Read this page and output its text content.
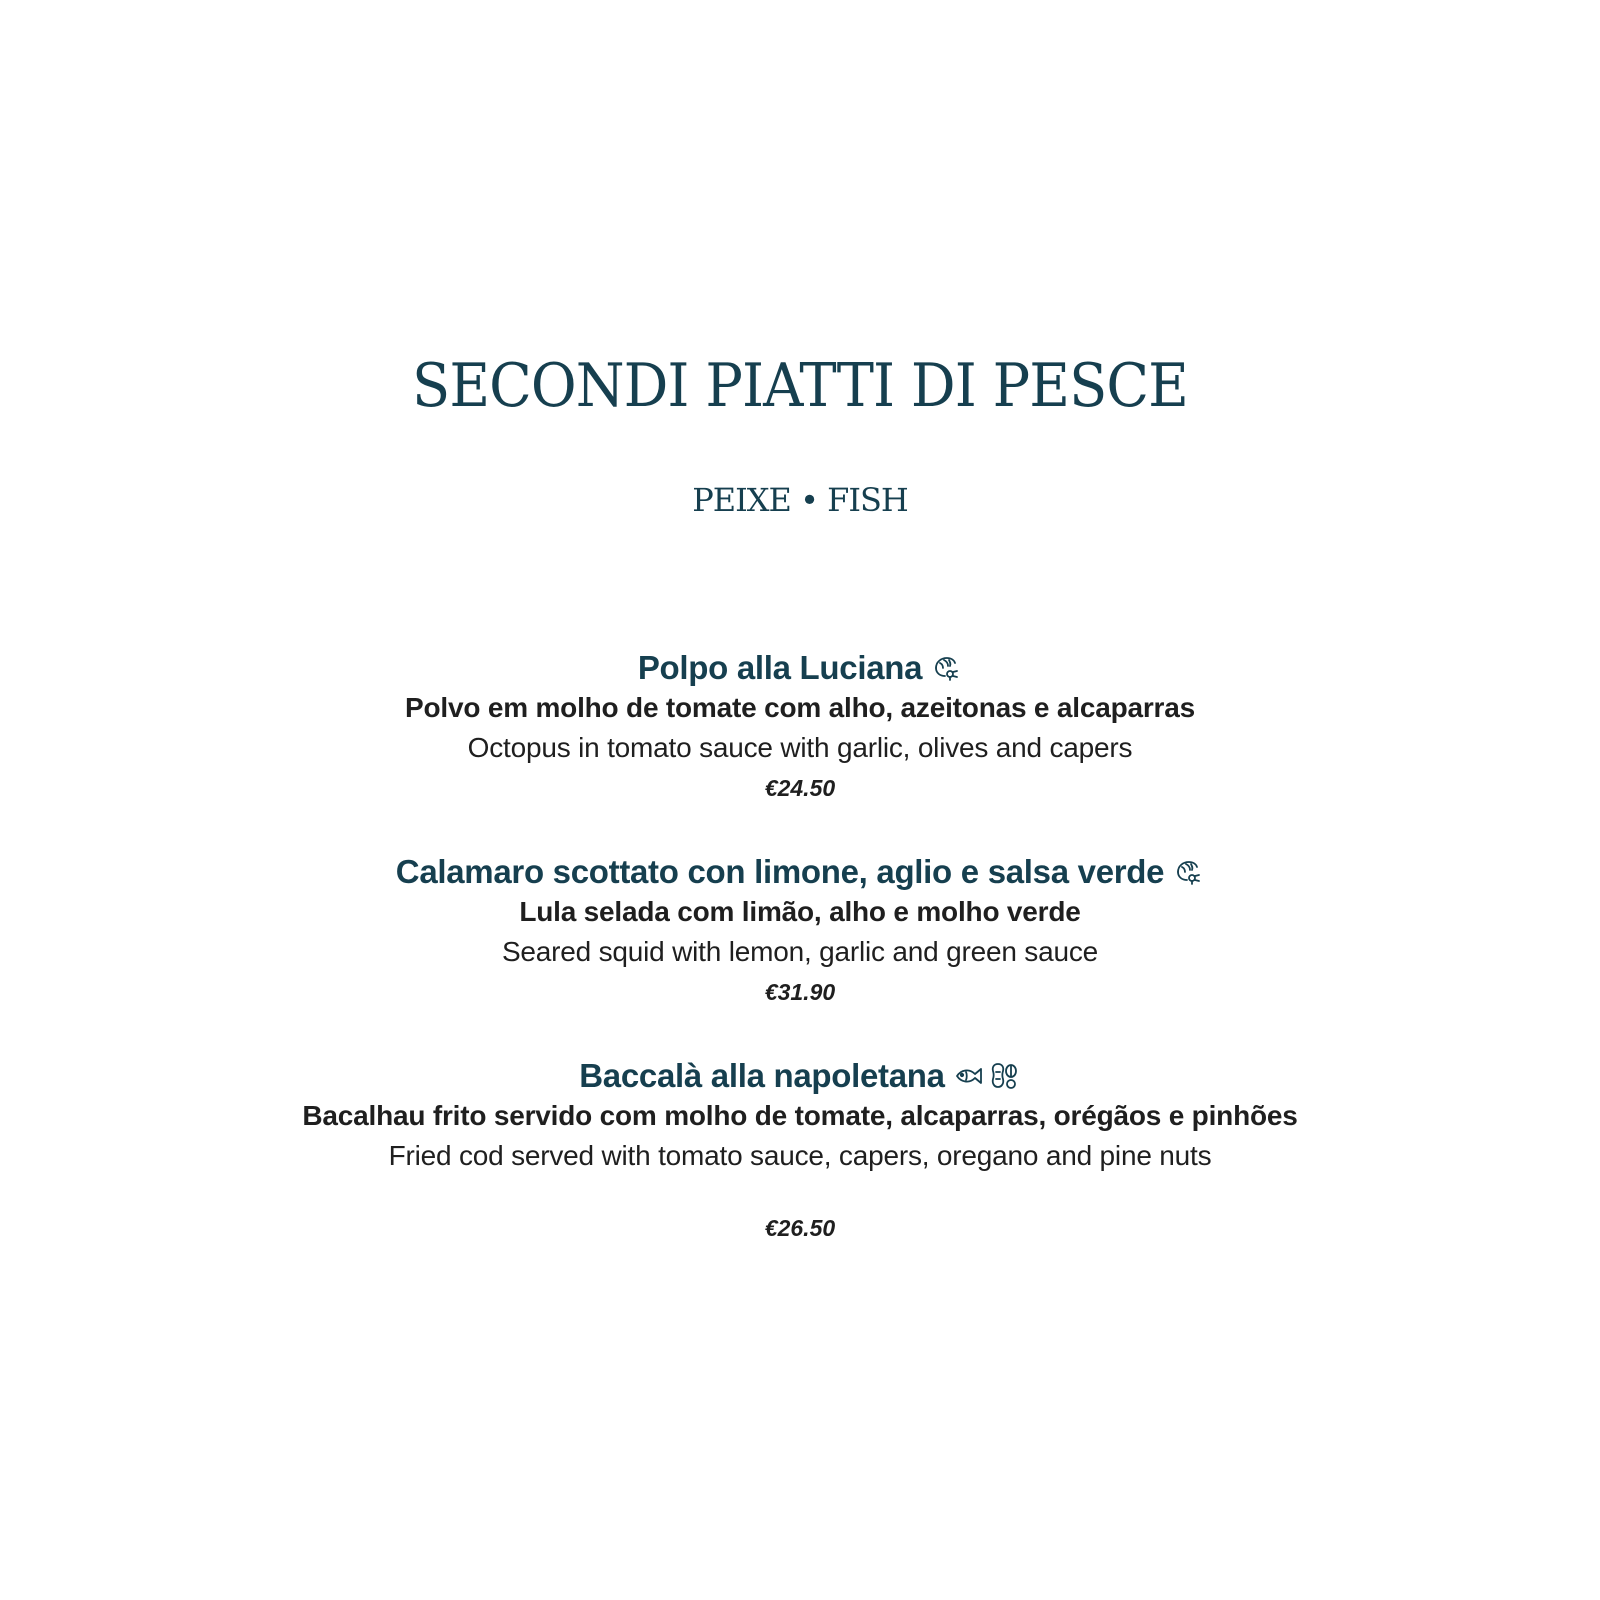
SECONDI PIATTI DI PESCE
PEIXE • FISH
Polpo alla Luciana
Polvo em molho de tomate com alho, azeitonas e alcaparras
Octopus in tomato sauce with garlic, olives and capers
€24.50
Calamaro scottato con limone, aglio e salsa verde
Lula selada com limão, alho e molho verde
Seared squid with lemon, garlic and green sauce
€31.90
Baccalà alla napoletana
Bacalhau frito servido com molho de tomate, alcaparras, orégãos e pinhões
Fried cod served with tomato sauce, capers, oregano and pine nuts
€26.50
